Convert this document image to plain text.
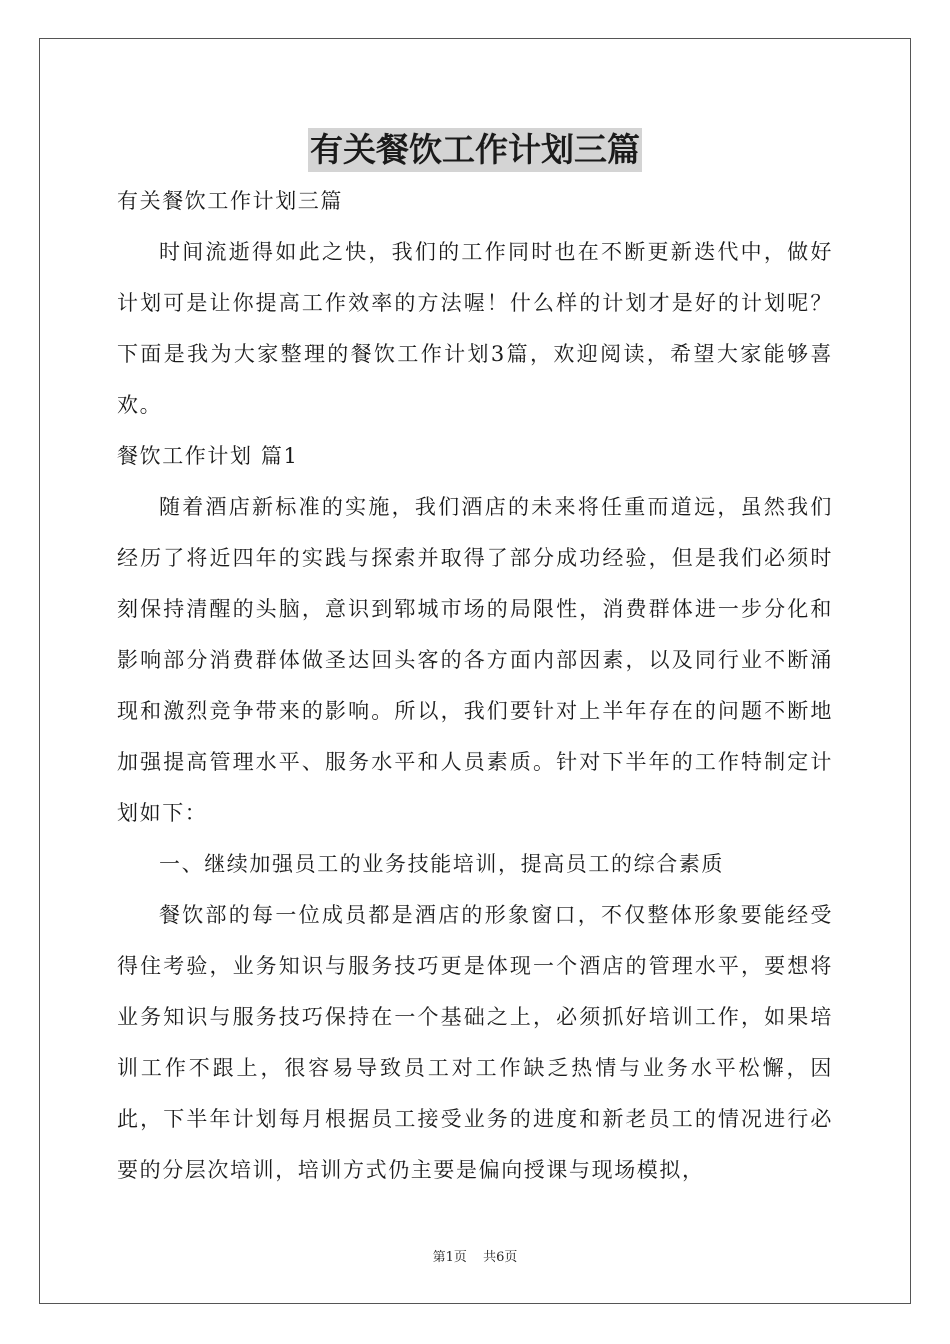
有关餐饮工作计划三篇
有关餐饮工作计划三篇

时间流逝得如此之快，我们的工作同时也在不断更新迭代中，做好计划可是让你提高工作效率的方法喔！什么样的计划才是好的计划呢？下面是我为大家整理的餐饮工作计划3篇，欢迎阅读，希望大家能够喜欢。

餐饮工作计划 篇1

随着酒店新标准的实施，我们酒店的未来将任重而道远，虽然我们经历了将近四年的实践与探索并取得了部分成功经验，但是我们必须时刻保持清醒的头脑，意识到郓城市场的局限性，消费群体进一步分化和影响部分消费群体做圣达回头客的各方面内部因素，以及同行业不断涌现和激烈竞争带来的影响。所以，我们要针对上半年存在的问题不断地加强提高管理水平、服务水平和人员素质。针对下半年的工作特制定计划如下：

一、继续加强员工的业务技能培训，提高员工的综合素质

餐饮部的每一位成员都是酒店的形象窗口，不仅整体形象要能经受得住考验，业务知识与服务技巧更是体现一个酒店的管理水平，要想将业务知识与服务技巧保持在一个基础之上，必须抓好培训工作，如果培训工作不跟上，很容易导致员工对工作缺乏热情与业务水平松懈，因此，下半年计划每月根据员工接受业务的进度和新老员工的情况进行必要的分层次培训，培训方式仍主要是偏向授课与现场模拟，

第1页 共6页
